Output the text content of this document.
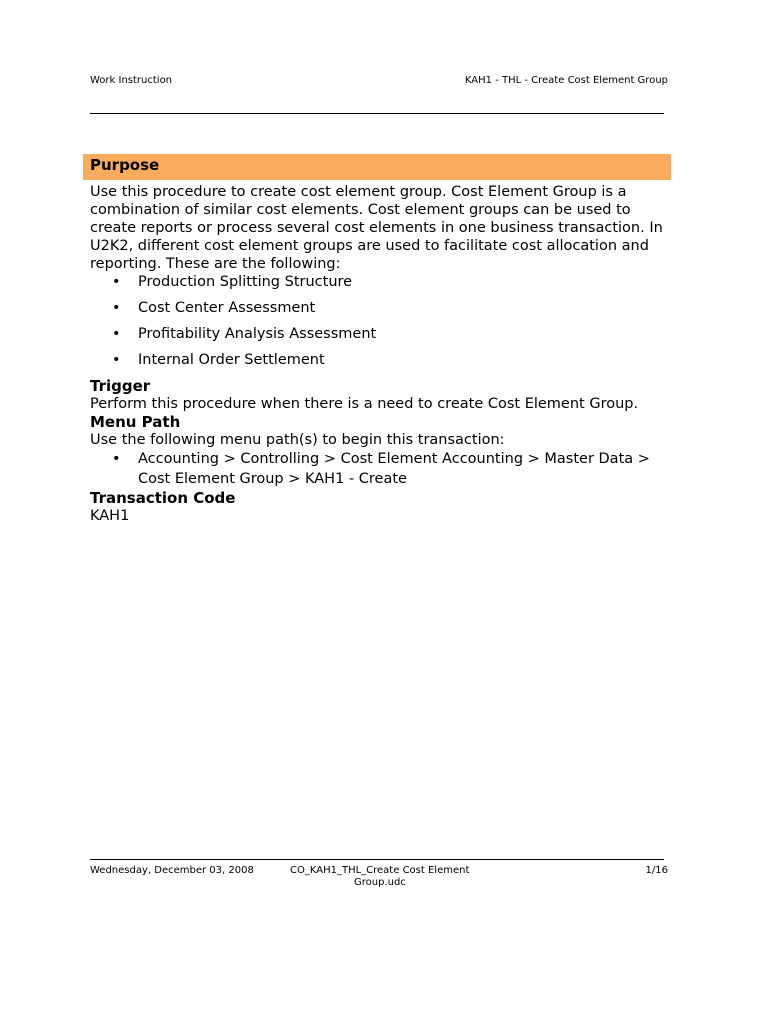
Work Instruction	KAH1 - THL - Create Cost Element Group
Purpose

Use this procedure to create cost element group. Cost Element Group is a combination of similar cost elements. Cost element groups can be used to create reports or process several cost elements in one business transaction. In U2K2, different cost element groups are used to facilitate cost allocation and reporting. These are the following:

• Production Splitting Structure
• Cost Center Assessment
• Profitability Analysis Assessment
• Internal Order Settlement

Trigger

Perform this procedure when there is a need to create Cost Element Group.

Menu Path

Use the following menu path(s) to begin this transaction:

• Accounting > Controlling > Cost Element Accounting > Master Data >
Cost Element Group > KAH1 - Create

Transaction Code

KAH1

Wednesday, December 03, 2008	CO_KAH1_THL_Create Cost Element
Group.udc
1/16
